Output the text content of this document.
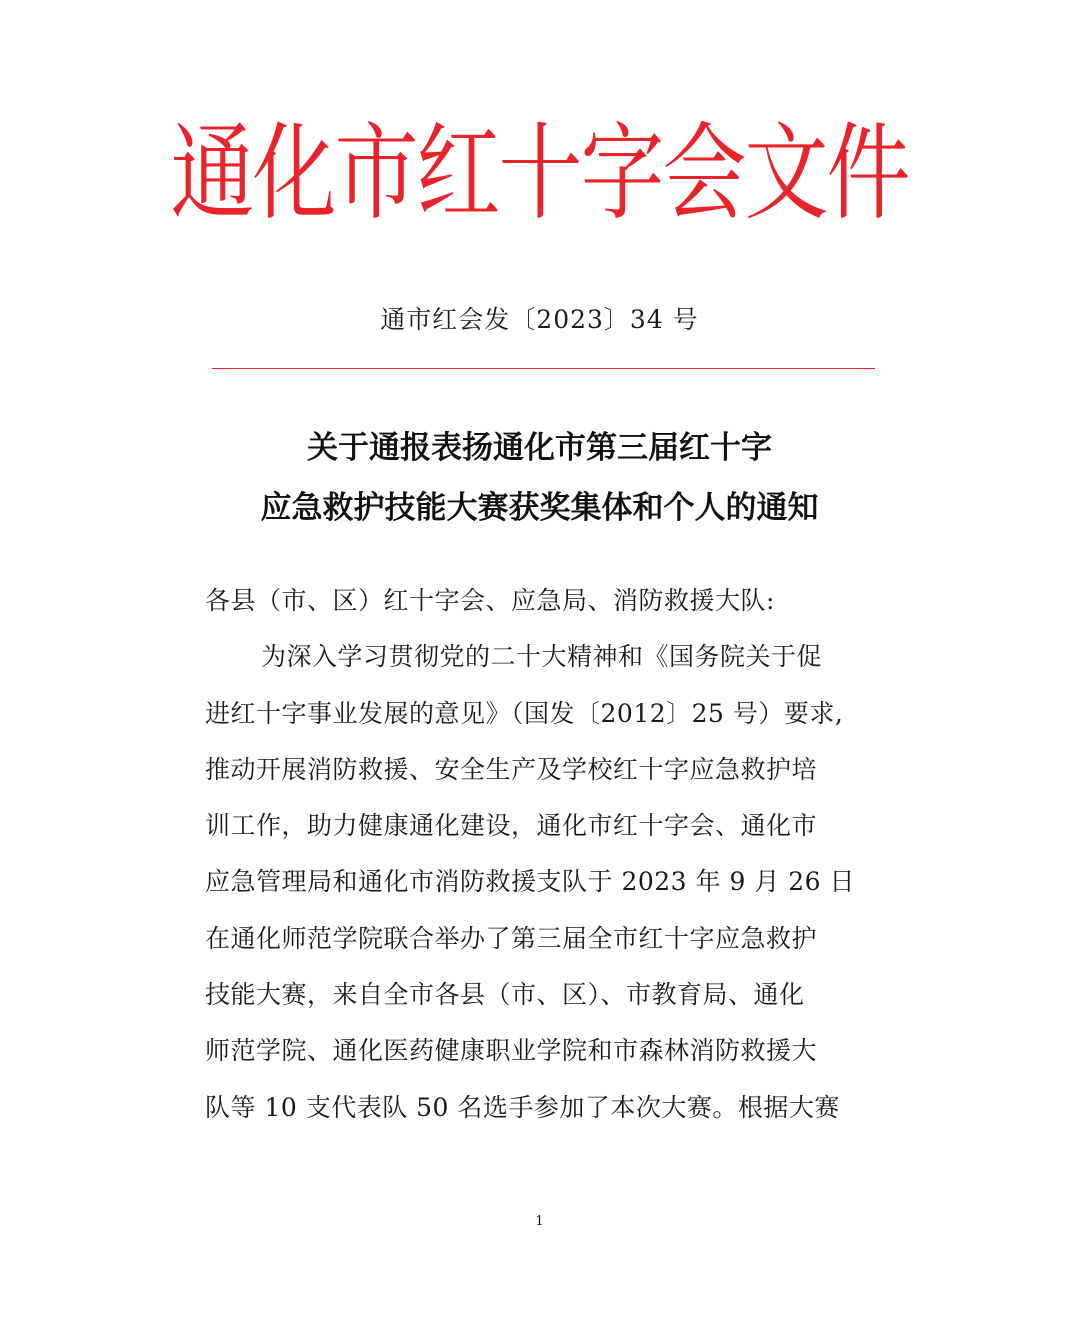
通化市红十字会文件
通市红会发〔2023〕34 号
关于通报表扬通化市第三届红十字
应急救护技能大赛获奖集体和个人的通知
各县（市、区）红十字会、应急局、消防救援大队:
为深入学习贯彻党的二十大精神和《国务院关于促
进红十字事业发展的意见》（国发〔2012〕25 号）要求,
推动开展消防救援、安全生产及学校红十字应急救护培
训工作，助力健康通化建设，通化市红十字会、通化市
应急管理局和通化市消防救援支队于 2023 年 9 月 26 日
在通化师范学院联合举办了第三届全市红十字应急救护
技能大赛，来自全市各县（市、区）、市教育局、通化
师范学院、通化医药健康职业学院和市森林消防救援大
队等 10 支代表队 50 名选手参加了本次大赛。根据大赛
1
